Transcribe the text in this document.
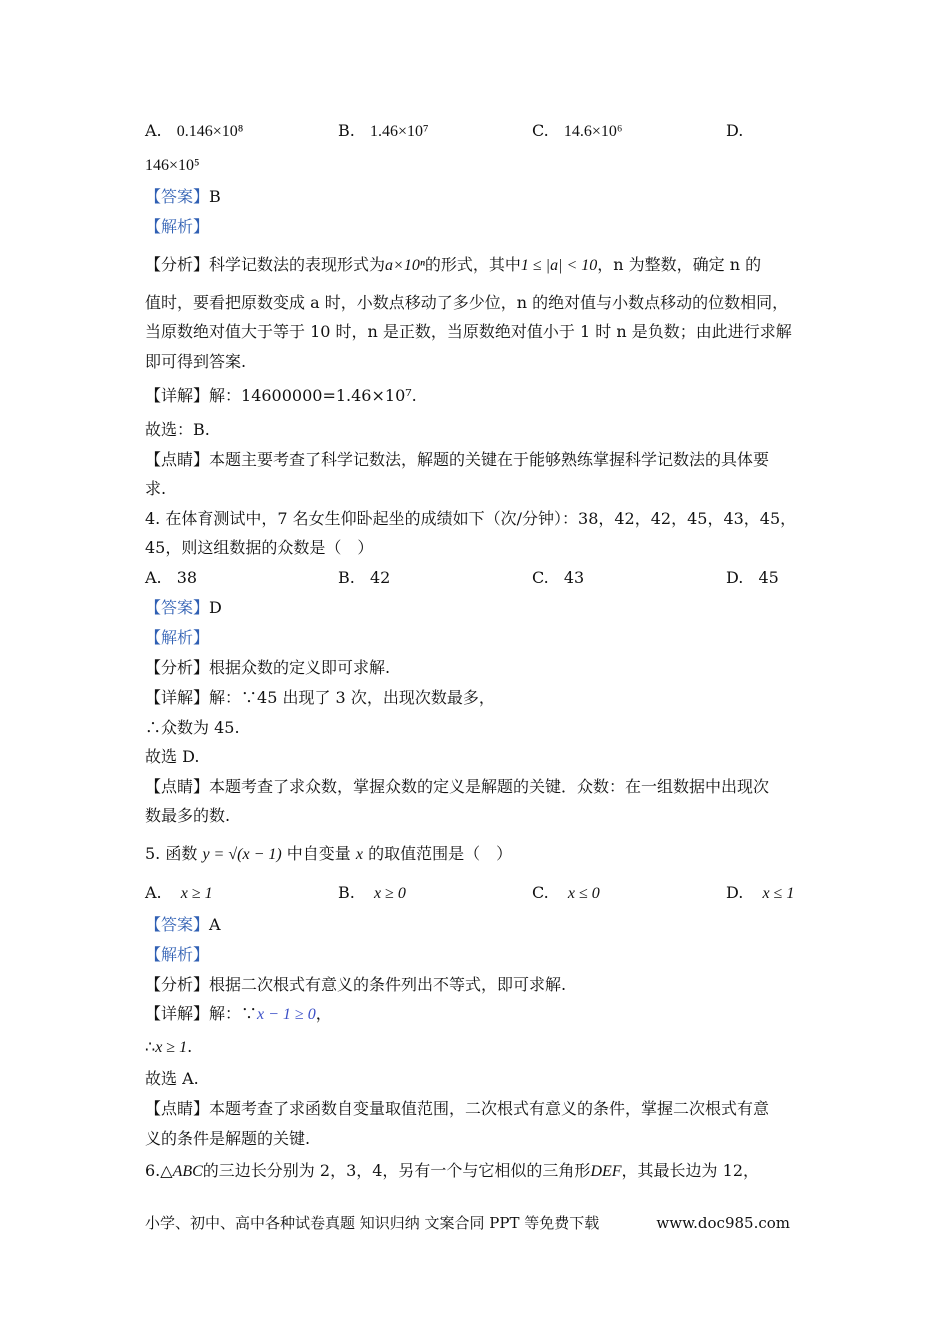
A. 0.146×10⁸	B. 1.46×10⁷	C. 14.6×10⁶	D.
146×10⁵
【答案】B
【解析】
【分析】科学记数法的表现形式为a×10ⁿ的形式，其中1 ≤ |a| < 10，n 为整数，确定 n 的
值时，要看把原数变成 a 时，小数点移动了多少位，n 的绝对值与小数点移动的位数相同，
当原数绝对值大于等于 10 时，n 是正数，当原数绝对值小于 1 时 n 是负数；由此进行求解
即可得到答案.
【详解】解：14600000=1.46×10⁷.
故选：B.
【点睛】本题主要考查了科学记数法，解题的关键在于能够熟练掌握科学记数法的具体要
求.
4. 在体育测试中，7 名女生仰卧起坐的成绩如下（次/分钟）：38，42，42，45，43，45，
45，则这组数据的众数是（　）
A. 38	B. 42	C. 43	D. 45
【答案】D
【解析】
【分析】根据众数的定义即可求解.
【详解】解：∵45 出现了 3 次，出现次数最多，
∴众数为 45.
故选 D.
【点睛】本题考查了求众数，掌握众数的定义是解题的关键．众数：在一组数据中出现次
数最多的数.
5. 函数 y = √(x − 1) 中自变量 x 的取值范围是（　）
A. x ≥ 1	B. x ≥ 0	C. x ≤ 0	D. x ≤ 1
【答案】A
【解析】
【分析】根据二次根式有意义的条件列出不等式，即可求解.
【详解】解：∵x − 1 ≥ 0，
∴x ≥ 1.
故选 A.
【点睛】本题考查了求函数自变量取值范围，二次根式有意义的条件，掌握二次根式有意
义的条件是解题的关键.
6.△ABC的三边长分别为 2，3，4，另有一个与它相似的三角形DEF，其最长边为 12，
小学、初中、高中各种试卷真题 知识归纳 文案合同 PPT 等免费下载	www.doc985.com
